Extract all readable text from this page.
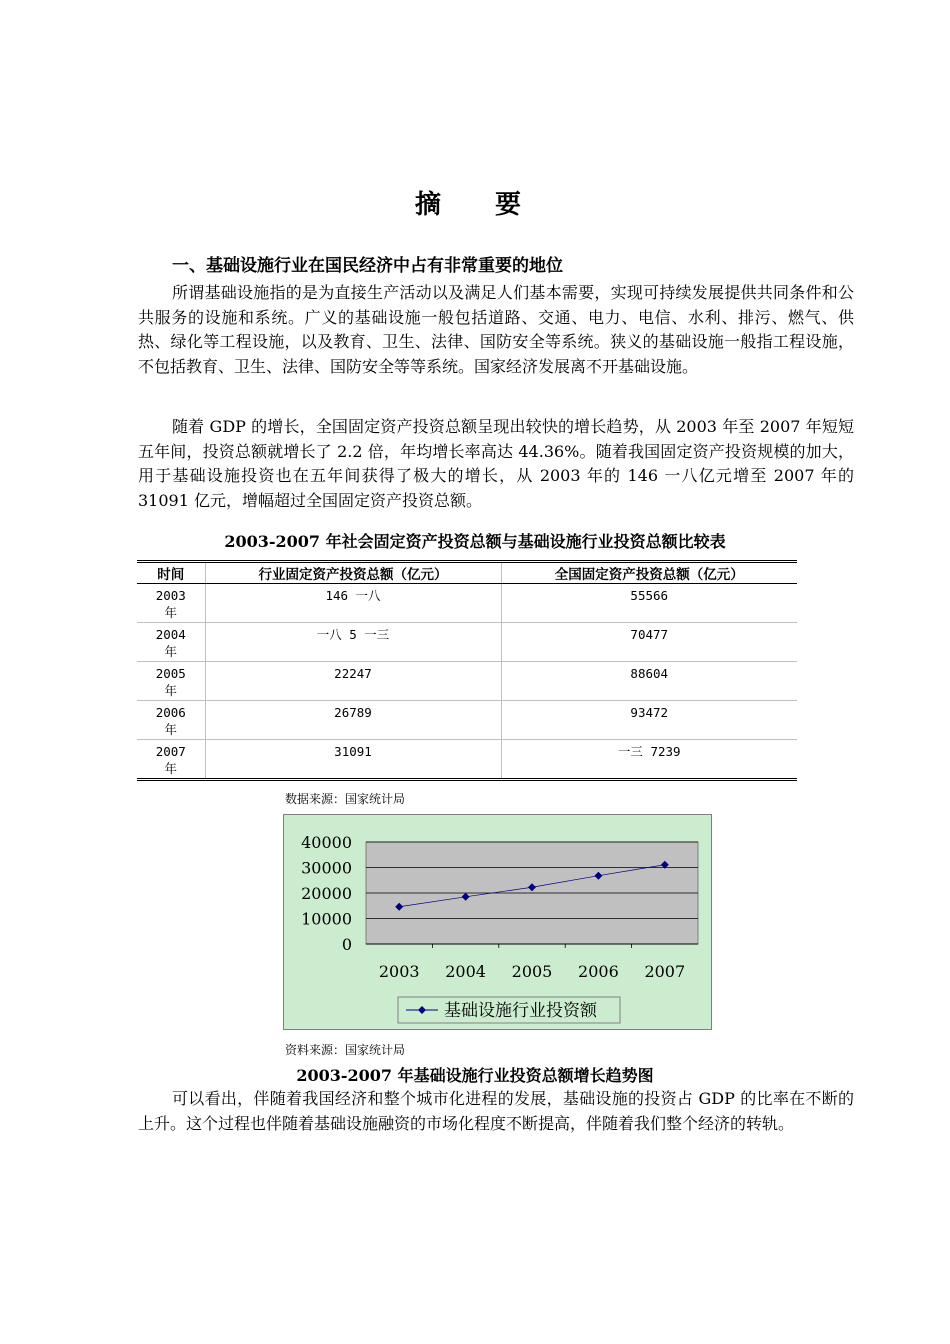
摘　要
一、基础设施行业在国民经济中占有非常重要的地位

所谓基础设施指的是为直接生产活动以及满足人们基本需要，实现可持续发展提供共同条件和公共服务的设施和系统。广义的基础设施一般包括道路、交通、电力、电信、水利、排污、燃气、供热、绿化等工程设施，以及教育、卫生、法律、国防安全等系统。狭义的基础设施一般指工程设施，不包括教育、卫生、法律、国防安全等等系统。国家经济发展离不开基础设施。

随着 GDP 的增长，全国固定资产投资总额呈现出较快的增长趋势，从 2003 年至 2007 年短短五年间，投资总额就增长了 2.2 倍，年均增长率高达 44.36%。随着我国固定资产投资规模的加大，用于基础设施投资也在五年间获得了极大的增长，从 2003 年的 146 一八亿元增至 2007 年的 31091 亿元，增幅超过全国固定资产投资总额。

2003-2007 年社会固定资产投资总额与基础设施行业投资总额比较表
时间	行业固定资产投资总额（亿元）	全国固定资产投资总额（亿元）

2003年	146 一八	55566

2004年	一八 5 一三	70477

2005年	22247	88604

2006年	26789	93472

2007年	31091	一三 7239
数据来源：国家统计局
40000
30000
20000
10000
0
2003 2004 2005 2006 2007
基础设施行业投资额
资料来源：国家统计局
2003-2007 年基础设施行业投资总额增长趋势图

可以看出，伴随着我国经济和整个城市化进程的发展，基础设施的投资占 GDP 的比率在不断的上升。这个过程也伴随着基础设施融资的市场化程度不断提高，伴随着我们整个经济的转轨。
